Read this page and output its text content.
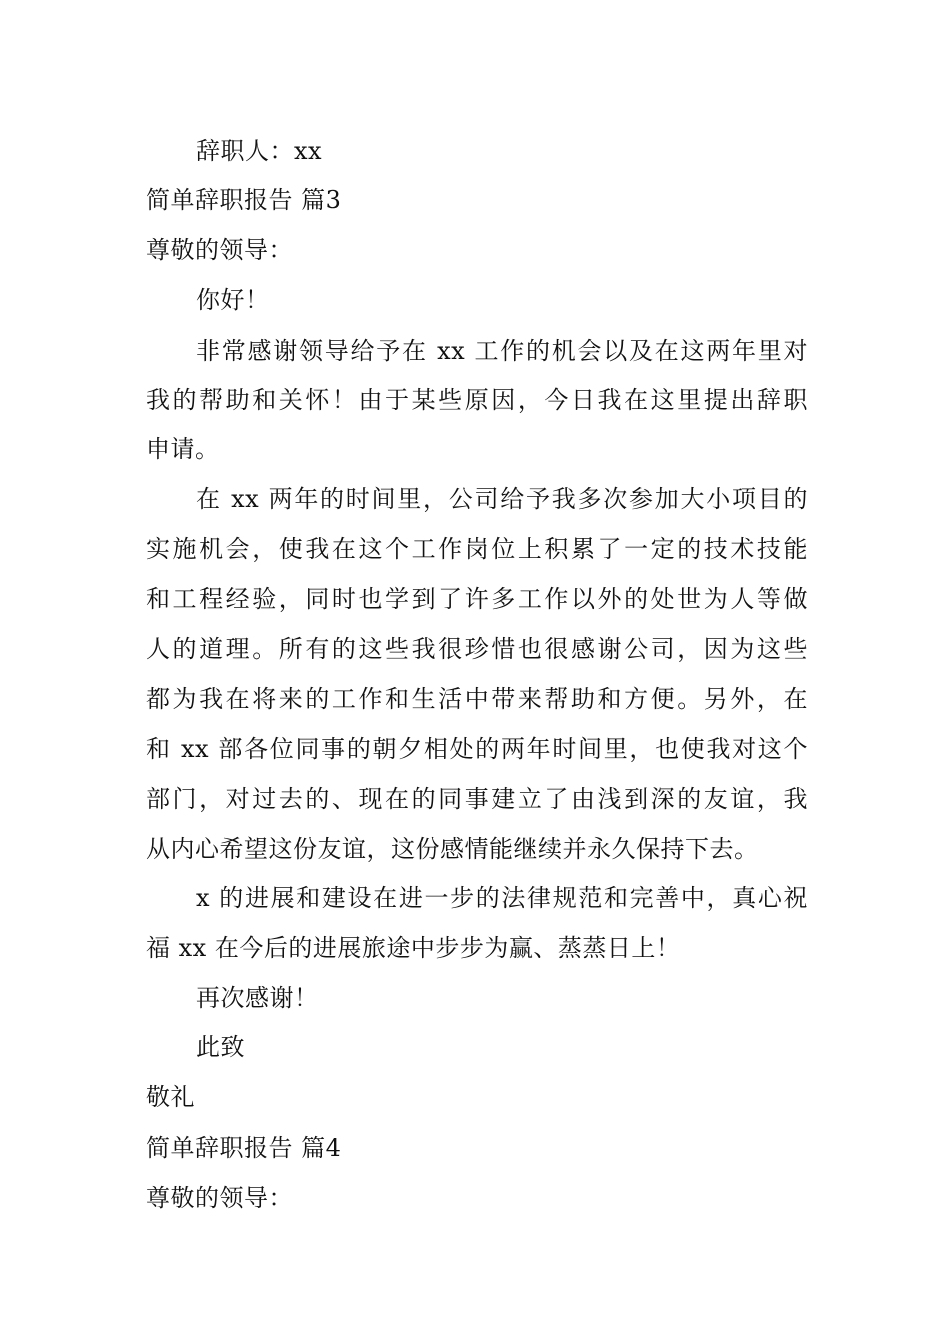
辞职人：xx
简单辞职报告 篇3
尊敬的领导：
你好！
非常感谢领导给予在 xx 工作的机会以及在这两年里对
我的帮助和关怀！由于某些原因，今日我在这里提出辞职
申请。
在 xx 两年的时间里，公司给予我多次参加大小项目的
实施机会，使我在这个工作岗位上积累了一定的技术技能
和工程经验，同时也学到了许多工作以外的处世为人等做
人的道理。所有的这些我很珍惜也很感谢公司，因为这些
都为我在将来的工作和生活中带来帮助和方便。另外，在
和 xx 部各位同事的朝夕相处的两年时间里，也使我对这个
部门，对过去的、现在的同事建立了由浅到深的友谊，我
从内心希望这份友谊，这份感情能继续并永久保持下去。
x 的进展和建设在进一步的法律规范和完善中，真心祝
福 xx 在今后的进展旅途中步步为赢、蒸蒸日上！
再次感谢！
此致
敬礼
简单辞职报告 篇4
尊敬的领导：
